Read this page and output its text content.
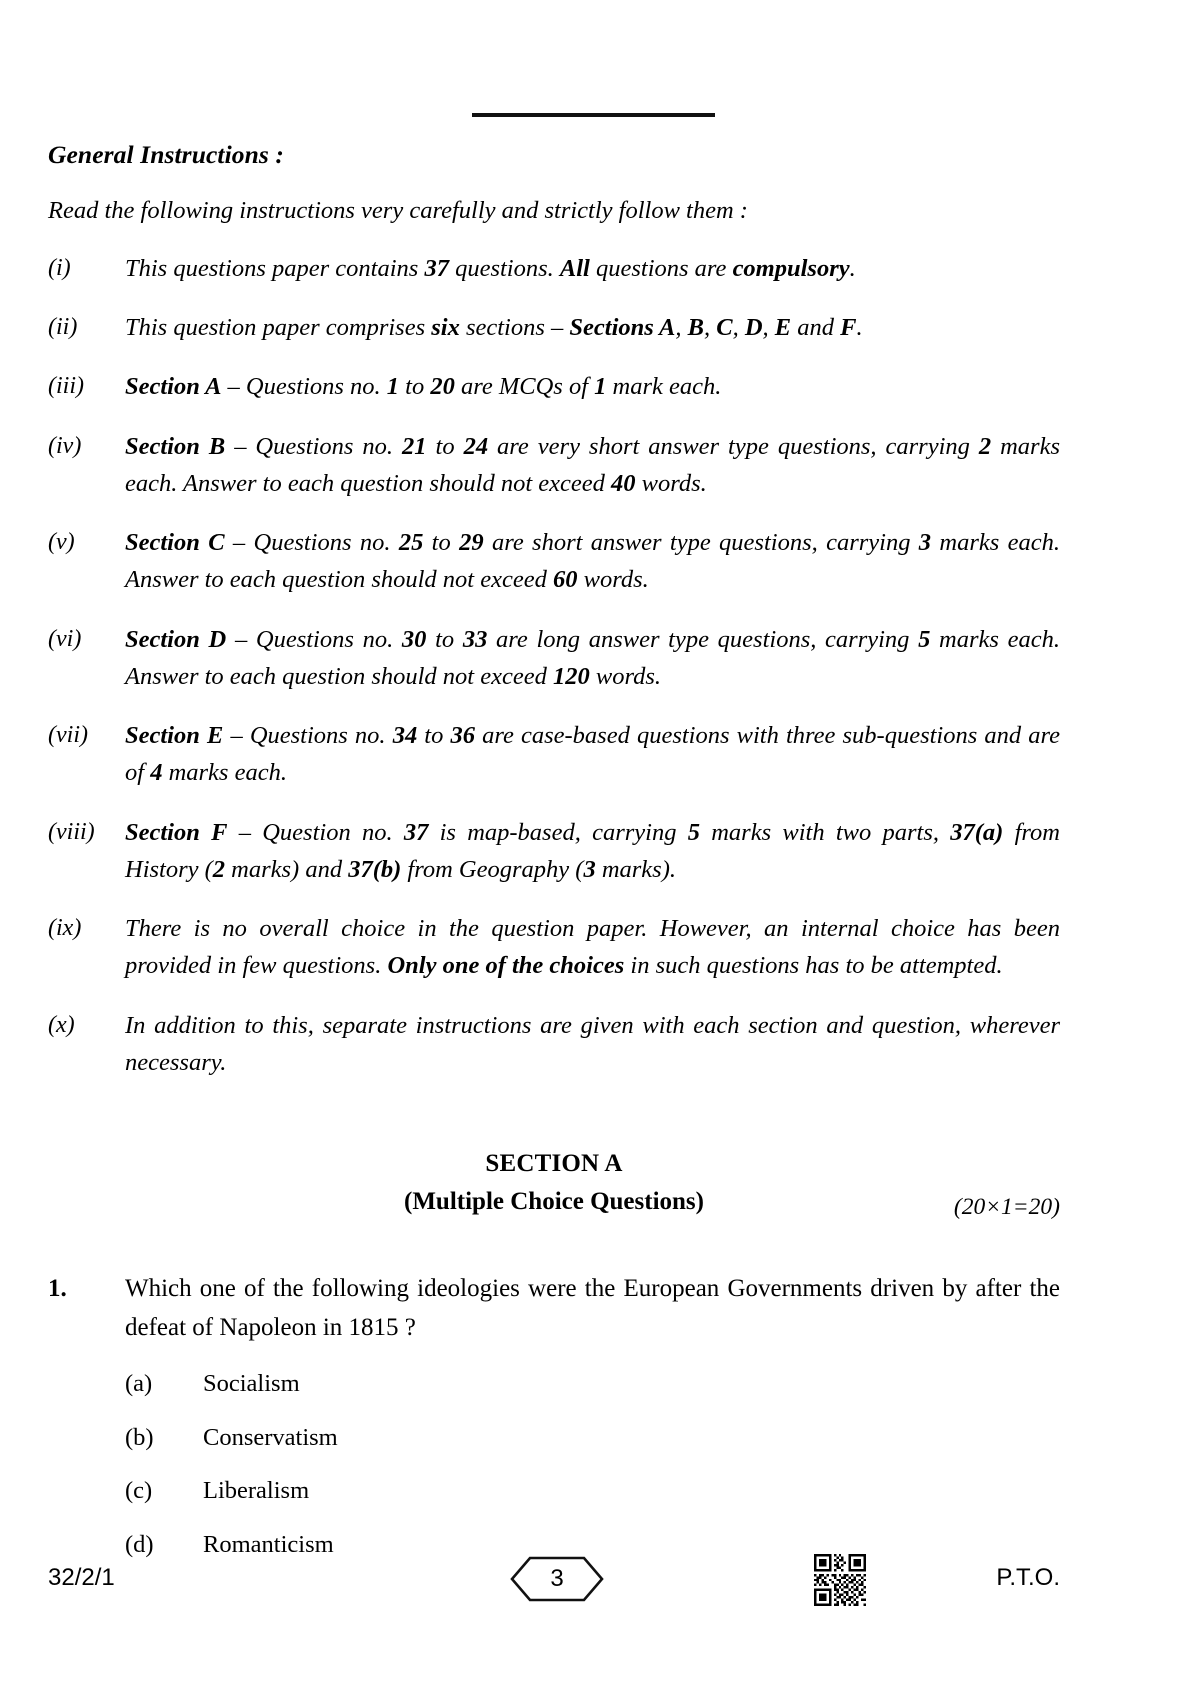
General Instructions :
Read the following instructions very carefully and strictly follow them :
(i)	This questions paper contains 37 questions. All questions are compulsory.
(ii)	This question paper comprises six sections – Sections A, B, C, D, E and F.
(iii)	Section A – Questions no. 1 to 20 are MCQs of 1 mark each.
(iv)	Section B – Questions no. 21 to 24 are very short answer type questions, carrying 2 marks each. Answer to each question should not exceed 40 words.
(v)	Section C – Questions no. 25 to 29 are short answer type questions, carrying 3 marks each. Answer to each question should not exceed 60 words.
(vi)	Section D – Questions no. 30 to 33 are long answer type questions, carrying 5 marks each. Answer to each question should not exceed 120 words.
(vii)	Section E – Questions no. 34 to 36 are case-based questions with three sub-questions and are of 4 marks each.
(viii)	Section F – Question no. 37 is map-based, carrying 5 marks with two parts, 37(a) from History (2 marks) and 37(b) from Geography (3 marks).
(ix)	There is no overall choice in the question paper. However, an internal choice has been provided in few questions. Only one of the choices in such questions has to be attempted.
(x)	In addition to this, separate instructions are given with each section and question, wherever necessary.
SECTION A
(Multiple Choice Questions)	(20×1=20)
1.	Which one of the following ideologies were the European Governments driven by after the defeat of Napoleon in 1815 ?
(a)	Socialism
(b)	Conservatism
(c)	Liberalism
(d)	Romanticism
32/2/1	3	P.T.O.
